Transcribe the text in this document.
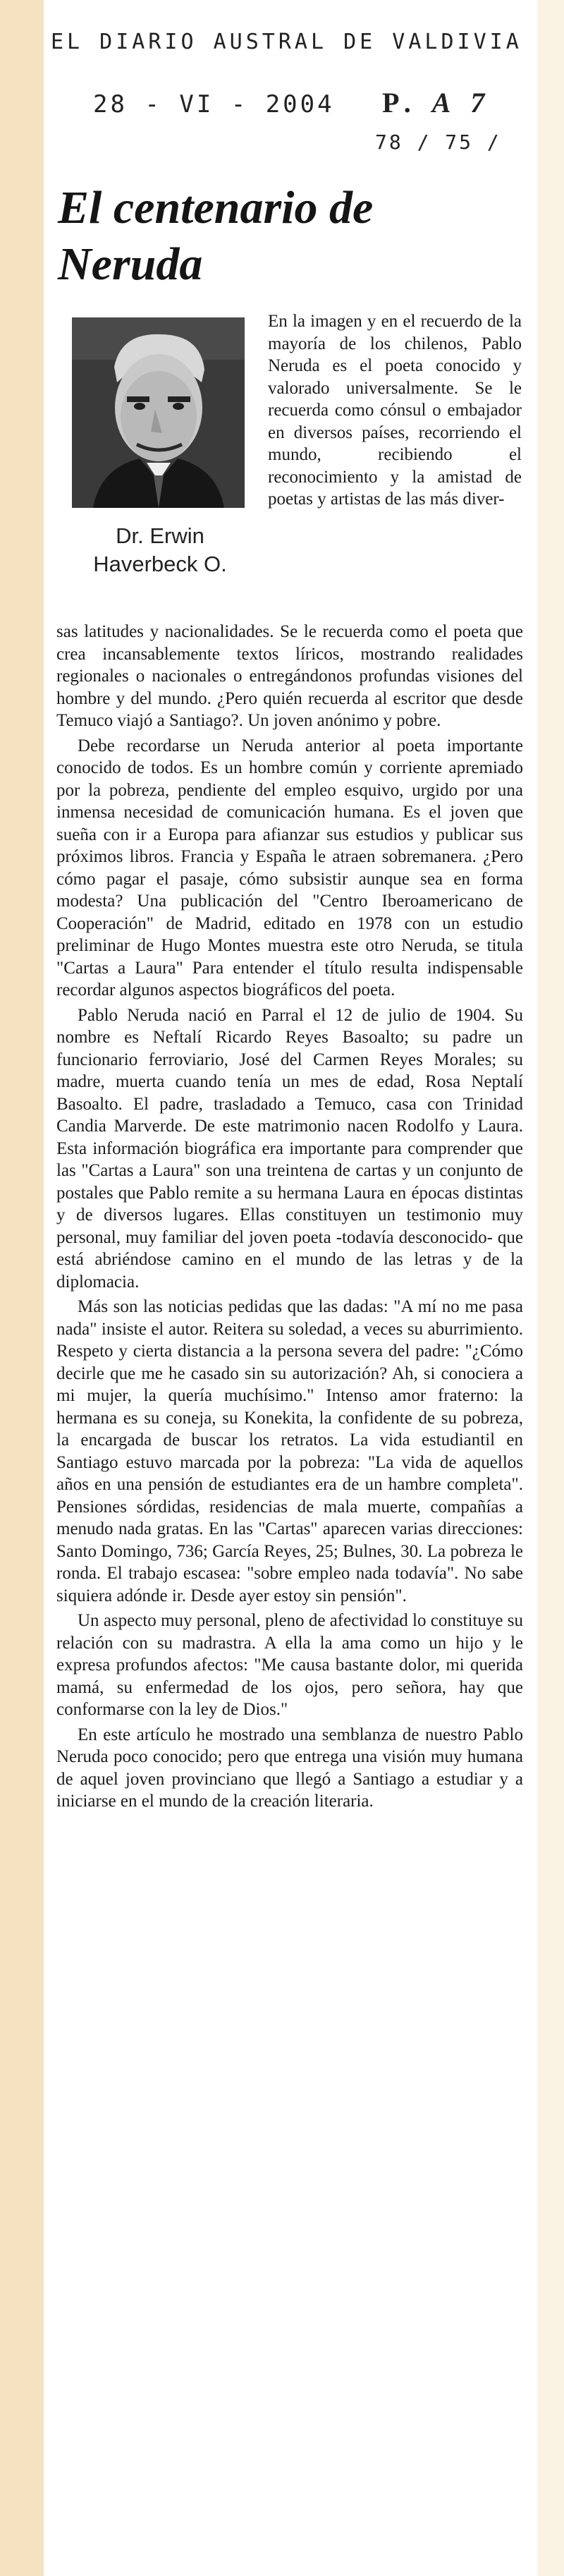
EL DIARIO AUSTRAL DE VALDIVIA
28 - VI - 2004 P. A 7
78 / 75 /
El centenario de Neruda
Dr. Erwin
Haverbeck O.

En la imagen y en el recuerdo de la mayoría de los chilenos, Pablo Neruda es el poeta conocido y valorado universalmente. Se le recuerda como cónsul o embajador en diversos países, recorriendo el mundo, recibiendo el reconocimiento y la amistad de poetas y artistas de las más diver-

sas latitudes y nacionalidades. Se le recuerda como el poeta que crea incansablemente textos líricos, mostrando realidades regionales o nacionales o entregándonos profundas visiones del hombre y del mundo. ¿Pero quién recuerda al escritor que desde Temuco viajó a Santiago?. Un joven anónimo y pobre.

Debe recordarse un Neruda anterior al poeta importante conocido de todos. Es un hombre común y corriente apremiado por la pobreza, pendiente del empleo esquivo, urgido por una inmensa necesidad de comunicación humana. Es el joven que sueña con ir a Europa para afianzar sus estudios y publicar sus próximos libros. Francia y España le atraen sobremanera. ¿Pero cómo pagar el pasaje, cómo subsistir aunque sea en forma modesta? Una publicación del "Centro Iberoamericano de Cooperación" de Madrid, editado en 1978 con un estudio preliminar de Hugo Montes muestra este otro Neruda, se titula "Cartas a Laura" Para entender el título resulta indispensable recordar algunos aspectos biográficos del poeta.

Pablo Neruda nació en Parral el 12 de julio de 1904. Su nombre es Neftalí Ricardo Reyes Basoalto; su padre un funcionario ferroviario, José del Carmen Reyes Morales; su madre, muerta cuando tenía un mes de edad, Rosa Neptalí Basoalto. El padre, trasladado a Temuco, casa con Trinidad Candia Marverde. De este matrimonio nacen Rodolfo y Laura. Esta información biográfica era importante para comprender que las "Cartas a Laura" son una treintena de cartas y un conjunto de postales que Pablo remite a su hermana Laura en épocas distintas y de diversos lugares. Ellas constituyen un testimonio muy personal, muy familiar del joven poeta -todavía desconocido- que está abriéndose camino en el mundo de las letras y de la diplomacia.

Más son las noticias pedidas que las dadas: "A mí no me pasa nada" insiste el autor. Reitera su soledad, a veces su aburrimiento. Respeto y cierta distancia a la persona severa del padre: "¿Cómo decirle que me he casado sin su autorización? Ah, si conociera a mi mujer, la quería muchísimo." Intenso amor fraterno: la hermana es su coneja, su Konekita, la confidente de su pobreza, la encargada de buscar los retratos. La vida estudiantil en Santiago estuvo marcada por la pobreza: "La vida de aquellos años en una pensión de estudiantes era de un hambre completa". Pensiones sórdidas, residencias de mala muerte, compañías a menudo nada gratas. En las "Cartas" aparecen varias direcciones: Santo Domingo, 736; García Reyes, 25; Bulnes, 30. La pobreza le ronda. El trabajo escasea: "sobre empleo nada todavía". No sabe siquiera adónde ir. Desde ayer estoy sin pensión".

Un aspecto muy personal, pleno de afectividad lo constituye su relación con su madrastra. A ella la ama como un hijo y le expresa profundos afectos: "Me causa bastante dolor, mi querida mamá, su enfermedad de los ojos, pero señora, hay que conformarse con la ley de Dios."

En este artículo he mostrado una semblanza de nuestro Pablo Neruda poco conocido; pero que entrega una visión muy humana de aquel joven provinciano que llegó a Santiago a estudiar y a iniciarse en el mundo de la creación literaria.
